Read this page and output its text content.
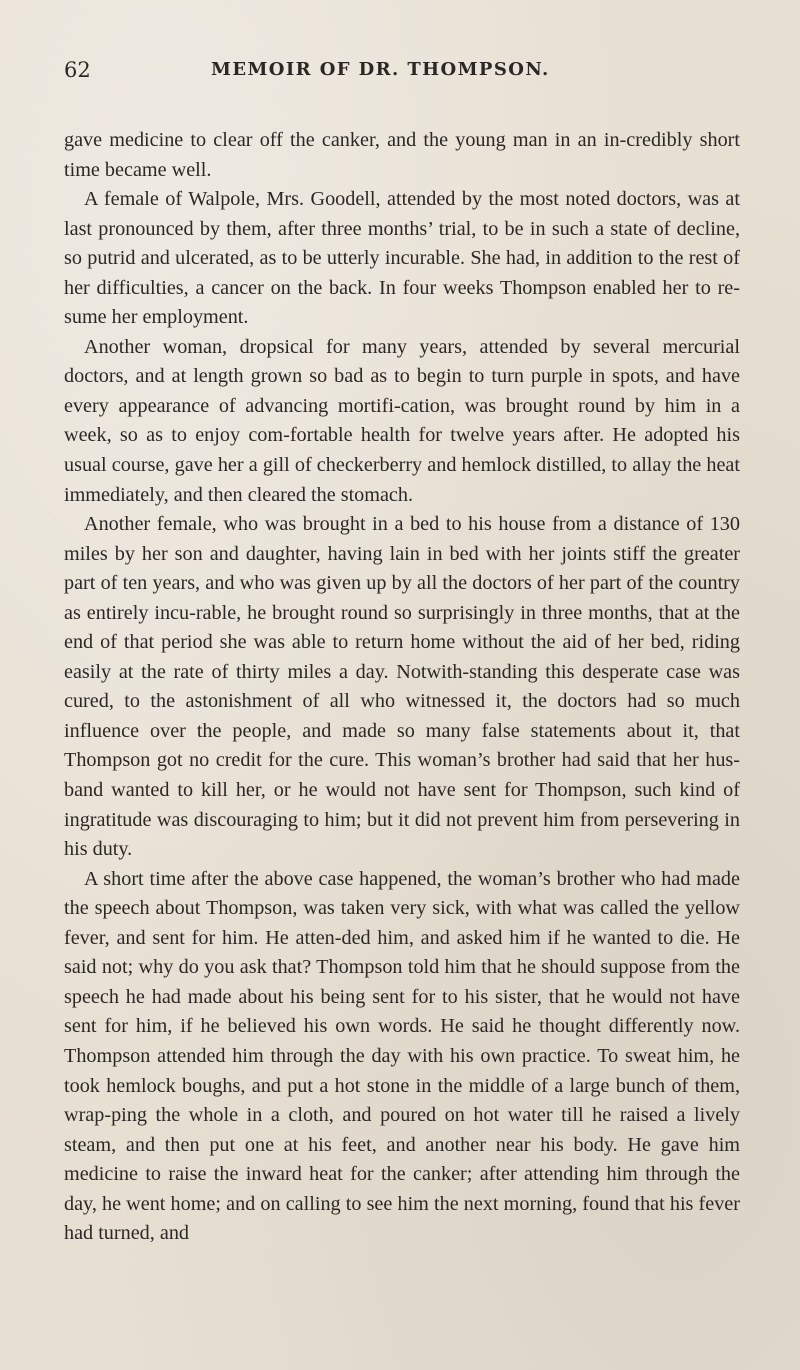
62	MEMOIR OF DR. THOMPSON.

gave medicine to clear off the canker, and the young man in an in-credibly short time became well.

A female of Walpole, Mrs. Goodell, attended by the most noted doctors, was at last pronounced by them, after three months’ trial, to be in such a state of decline, so putrid and ulcerated, as to be utterly incurable. She had, in addition to the rest of her difficulties, a cancer on the back. In four weeks Thompson enabled her to re-sume her employment.

Another woman, dropsical for many years, attended by several mercurial doctors, and at length grown so bad as to begin to turn purple in spots, and have every appearance of advancing mortifi-cation, was brought round by him in a week, so as to enjoy com-fortable health for twelve years after. He adopted his usual course, gave her a gill of checkerberry and hemlock distilled, to allay the heat immediately, and then cleared the stomach.

Another female, who was brought in a bed to his house from a distance of 130 miles by her son and daughter, having lain in bed with her joints stiff the greater part of ten years, and who was given up by all the doctors of her part of the country as entirely incu-rable, he brought round so surprisingly in three months, that at the end of that period she was able to return home without the aid of her bed, riding easily at the rate of thirty miles a day. Notwith-standing this desperate case was cured, to the astonishment of all who witnessed it, the doctors had so much influence over the people, and made so many false statements about it, that Thompson got no credit for the cure. This woman’s brother had said that her hus-band wanted to kill her, or he would not have sent for Thompson, such kind of ingratitude was discouraging to him; but it did not prevent him from persevering in his duty.

A short time after the above case happened, the woman’s brother who had made the speech about Thompson, was taken very sick, with what was called the yellow fever, and sent for him. He atten-ded him, and asked him if he wanted to die. He said not; why do you ask that? Thompson told him that he should suppose from the speech he had made about his being sent for to his sister, that he would not have sent for him, if he believed his own words. He said he thought differently now. Thompson attended him through the day with his own practice. To sweat him, he took hemlock boughs, and put a hot stone in the middle of a large bunch of them, wrap-ping the whole in a cloth, and poured on hot water till he raised a lively steam, and then put one at his feet, and another near his body. He gave him medicine to raise the inward heat for the canker; after attending him through the day, he went home; and on calling to see him the next morning, found that his fever had turned, and
